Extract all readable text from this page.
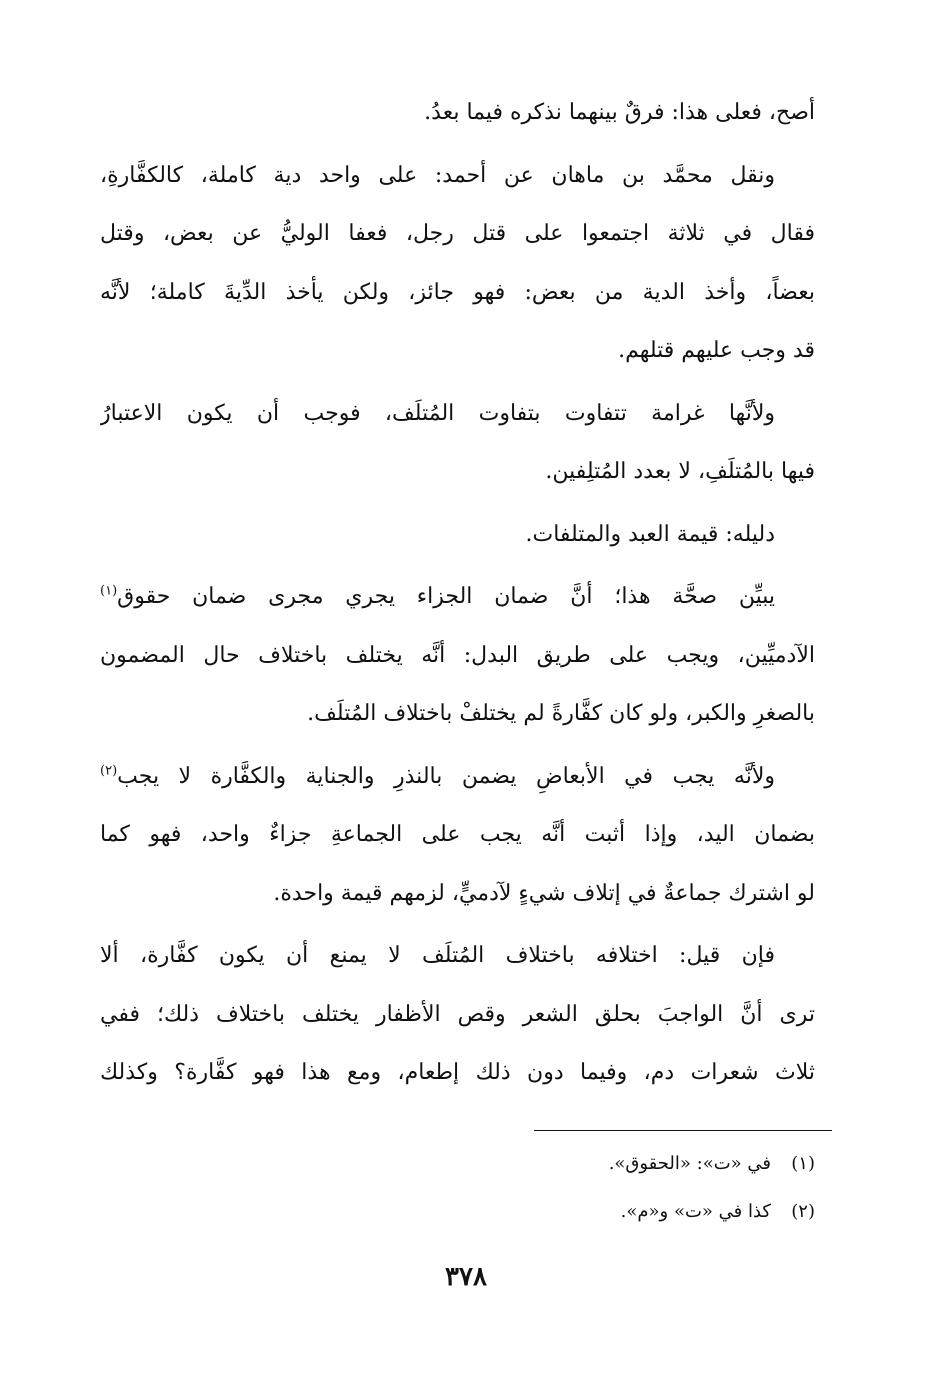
أصح، فعلى هذا: فرقٌ بينهما نذكره فيما بعدُ.
ونقل محمَّد بن ماهان عن أحمد: على واحد دية كاملة، كالكفَّارةِ،
فقال في ثلاثة اجتمعوا على قتل رجل، فعفا الوليُّ عن بعض، وقتل
بعضاً، وأخذ الدية من بعض: فهو جائز، ولكن يأخذ الدِّيةَ كاملة؛ لأنَّه
قد وجب عليهم قتلهم.
ولأنَّها غرامة تتفاوت بتفاوت المُتلَف، فوجب أن يكون الاعتبارُ
فيها بالمُتلَفِ، لا بعدد المُتلِفين.
دليله: قيمة العبد والمتلفات.
يبيِّن صحَّة هذا؛ أنَّ ضمان الجزاء يجري مجرى ضمان حقوق$^{(١)}$
الآدميِّين، ويجب على طريق البدل: أنَّه يختلف باختلاف حال المضمون
بالصغرِ والكبر، ولو كان كفَّارةً لم يختلفْ باختلاف المُتلَف.
ولأنَّه يجب في الأبعاضِ يضمن بالنذرِ والجناية والكفَّارة لا يجب$^{(٢)}$
بضمان اليد، وإذا أثبت أنَّه يجب على الجماعةِ جزاءٌ واحد، فهو كما
لو اشترك جماعةٌ في إتلاف شيءٍ لآدميٍّ، لزمهم قيمة واحدة.
فإن قيل: اختلافه باختلاف المُتلَف لا يمنع أن يكون كفَّارة، ألا
ترى أنَّ الواجبَ بحلق الشعر وقص الأظفار يختلف باختلاف ذلك؛ ففي
ثلاث شعرات دم، وفيما دون ذلك إطعام، ومع هذا فهو كفَّارة؟ وكذلك
(١)في «ت»: «الحقوق».
(٢)كذا في «ت» و«م».
٣٧٨
